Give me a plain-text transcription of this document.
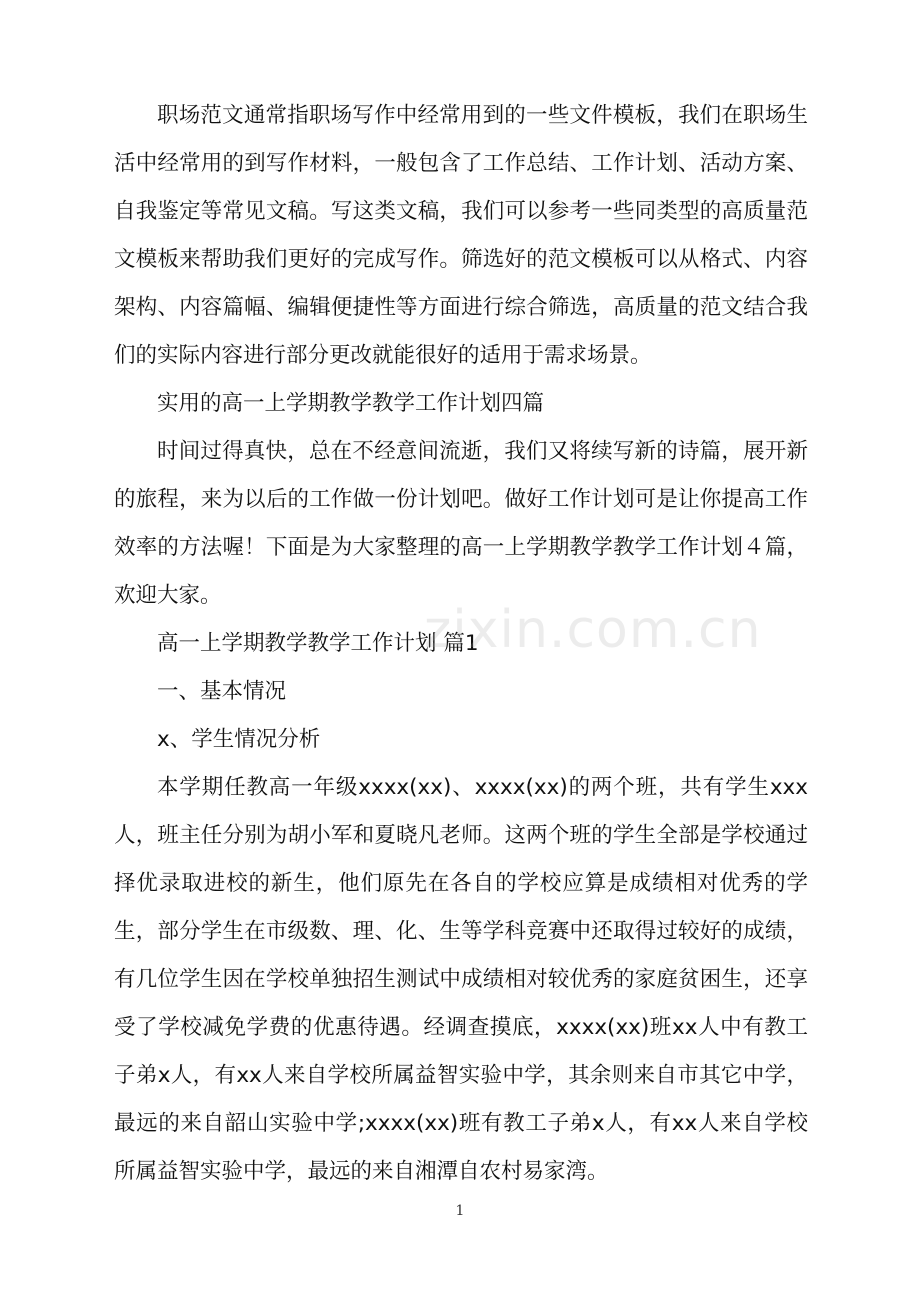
职场范文通常指职场写作中经常用到的一些文件模板，我们在职场生活中经常用的到写作材料，一般包含了工作总结、工作计划、活动方案、自我鉴定等常见文稿。写这类文稿，我们可以参考一些同类型的高质量范文模板来帮助我们更好的完成写作。筛选好的范文模板可以从格式、内容架构、内容篇幅、编辑便捷性等方面进行综合筛选，高质量的范文结合我们的实际内容进行部分更改就能很好的适用于需求场景。

实用的高一上学期教学教学工作计划四篇

时间过得真快，总在不经意间流逝，我们又将续写新的诗篇，展开新的旅程，来为以后的工作做一份计划吧。做好工作计划可是让你提高工作效率的方法喔！下面是为大家整理的高一上学期教学教学工作计划４篇，欢迎大家。

高一上学期教学教学工作计划 篇1

一、基本情况

x、学生情况分析

本学期任教高一年级xxxx(xx)、xxxx(xx)的两个班，共有学生xxx人，班主任分别为胡小军和夏晓凡老师。这两个班的学生全部是学校通过择优录取进校的新生，他们原先在各自的学校应算是成绩相对优秀的学生，部分学生在市级数、理、化、生等学科竞赛中还取得过较好的成绩，有几位学生因在学校单独招生测试中成绩相对较优秀的家庭贫困生，还享受了学校减免学费的优惠待遇。经调查摸底，xxxx(xx)班xx人中有教工子弟x人，有xx人来自学校所属益智实验中学，其余则来自市其它中学，最远的来自韶山实验中学;xxxx(xx)班有教工子弟x人，有xx人来自学校所属益智实验中学，最远的来自湘潭自农村易家湾。

zixin.com.cn
1
